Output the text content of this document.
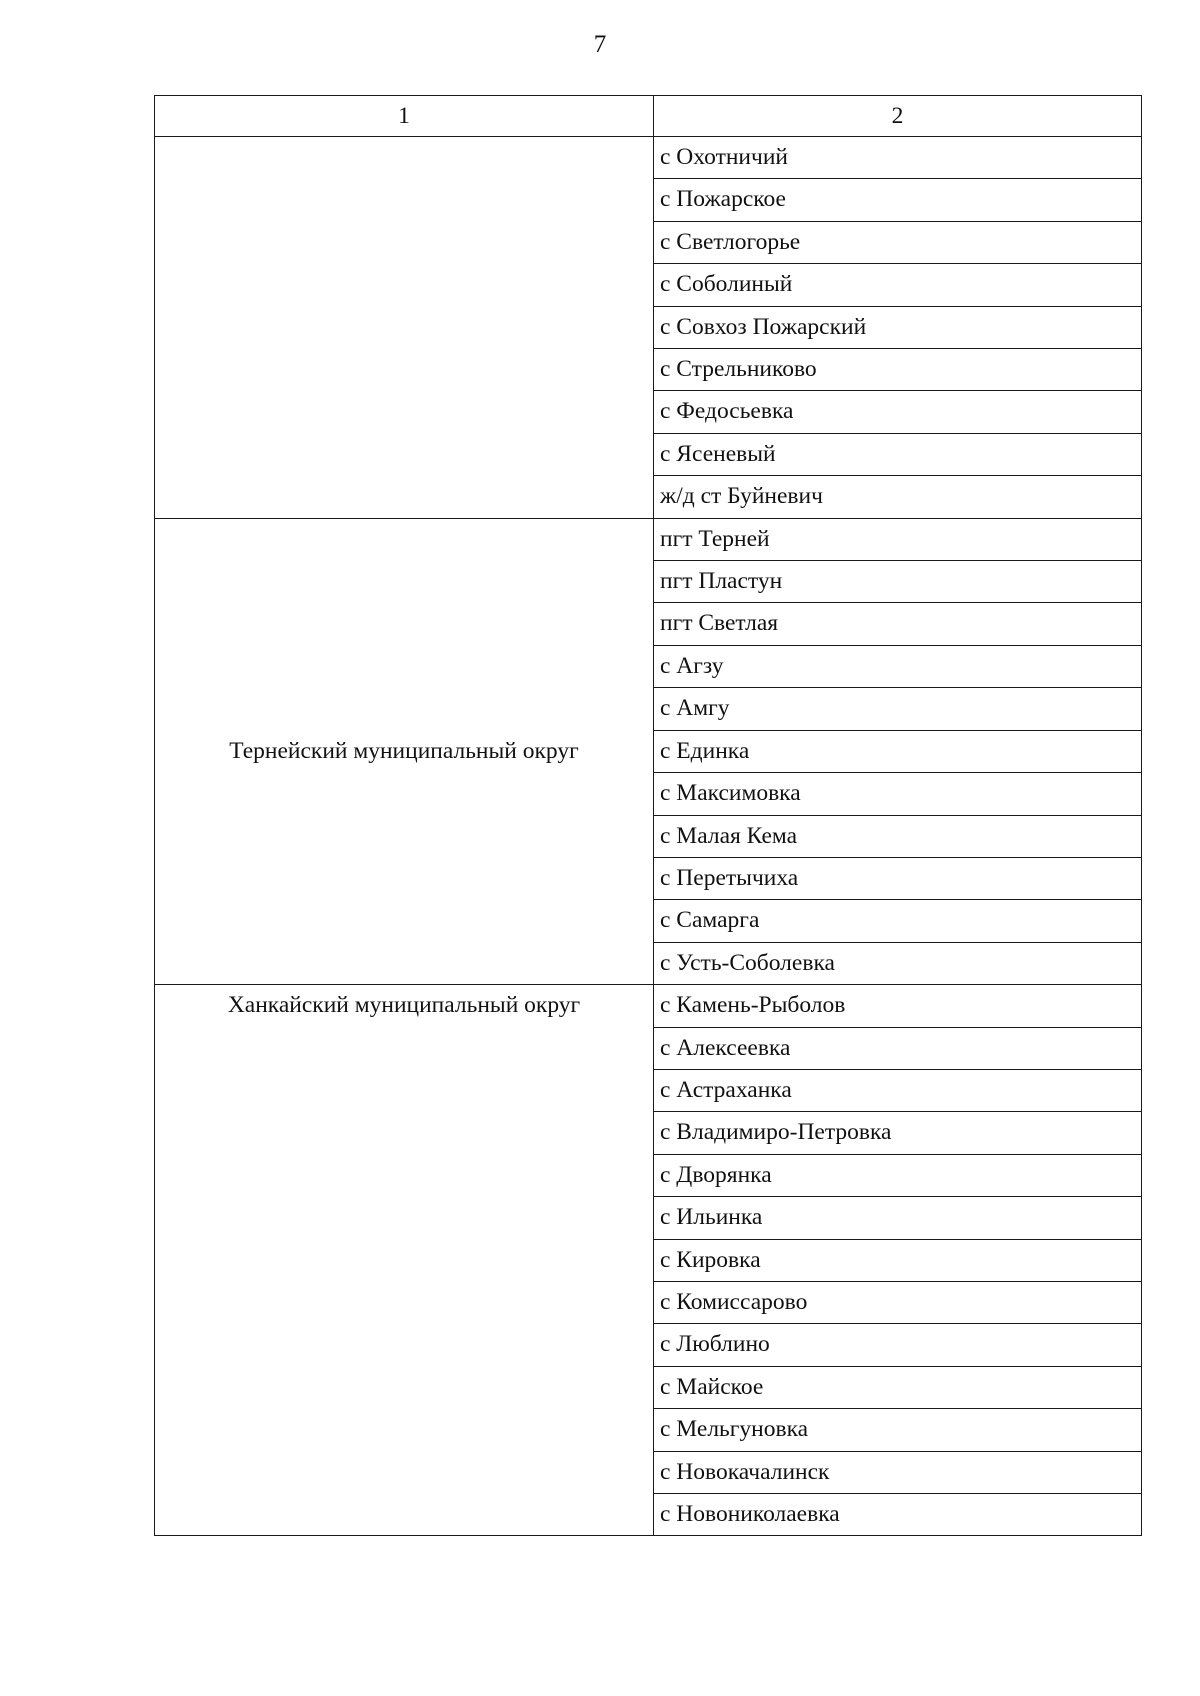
7
1	2
	с Охотничий
	с Пожарское
	с Светлогорье
	с Соболиный
	с Совхоз Пожарский
	с Стрельниково
	с Федосьевка
	с Ясеневый
	ж/д ст Буйневич
Тернейский муниципальный округ	пгт Терней
	пгт Пластун
	пгт Светлая
	с Агзу
	с Амгу
	с Единка
	с Максимовка
	с Малая Кема
	с Перетычиха
	с Самарга
	с Усть-Соболевка
Ханкайский муниципальный округ	с Камень-Рыболов
	с Алексеевка
	с Астраханка
	с Владимиро-Петровка
	с Дворянка
	с Ильинка
	с Кировка
	с Комиссарово
	с Люблино
	с Майское
	с Мельгуновка
	с Новокачалинск
	с Новониколаевка
